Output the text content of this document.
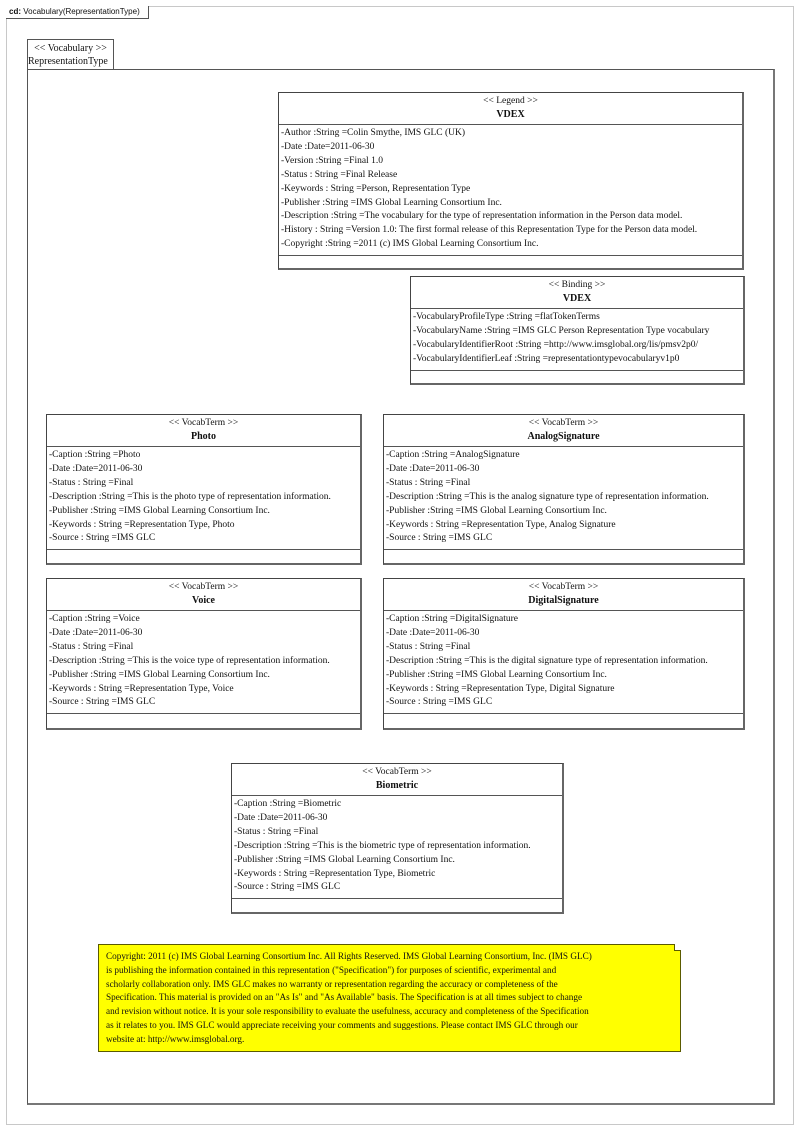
cd: Vocabulary(RepresentationType)
<< Vocabulary >>
RepresentationType
<< Legend >>
VDEX
-Author :String =Colin Smythe, IMS GLC (UK)
-Date :Date=2011-06-30
-Version :String =Final 1.0
-Status : String =Final Release
-Keywords : String =Person, Representation Type
-Publisher :String =IMS Global Learning Consortium Inc.
-Description :String =The vocabulary for the type of representation information in the Person data model.
-History : String =Version 1.0: The first formal release of this Representation Type for the Person data model.
-Copyright :String =2011 (c) IMS Global Learning Consortium Inc.
<< Binding >>
VDEX
-VocabularyProfileType :String =flatTokenTerms
-VocabularyName :String =IMS GLC Person Representation Type vocabulary
-VocabularyIdentifierRoot :String =http://www.imsglobal.org/lis/pmsv2p0/
-VocabularyIdentifierLeaf :String =representationtypevocabularyv1p0
<< VocabTerm >>
Photo
-Caption :String =Photo
-Date :Date=2011-06-30
-Status : String =Final
-Description :String =This is the photo type of representation information.
-Publisher :String =IMS Global Learning Consortium Inc.
-Keywords : String =Representation Type, Photo
-Source : String =IMS GLC
<< VocabTerm >>
AnalogSignature
-Caption :String =AnalogSignature
-Date :Date=2011-06-30
-Status : String =Final
-Description :String =This is the analog signature type of representation information.
-Publisher :String =IMS Global Learning Consortium Inc.
-Keywords : String =Representation Type, Analog Signature
-Source : String =IMS GLC
<< VocabTerm >>
Voice
-Caption :String =Voice
-Date :Date=2011-06-30
-Status : String =Final
-Description :String =This is the voice type of representation information.
-Publisher :String =IMS Global Learning Consortium Inc.
-Keywords : String =Representation Type, Voice
-Source : String =IMS GLC
<< VocabTerm >>
DigitalSignature
-Caption :String =DigitalSignature
-Date :Date=2011-06-30
-Status : String =Final
-Description :String =This is the digital signature type of representation information.
-Publisher :String =IMS Global Learning Consortium Inc.
-Keywords : String =Representation Type, Digital Signature
-Source : String =IMS GLC
<< VocabTerm >>
Biometric
-Caption :String =Biometric
-Date :Date=2011-06-30
-Status : String =Final
-Description :String =This is the biometric type of representation information.
-Publisher :String =IMS Global Learning Consortium Inc.
-Keywords : String =Representation Type, Biometric
-Source : String =IMS GLC
Copyright: 2011 (c) IMS Global Learning Consortium Inc. All Rights Reserved. IMS Global Learning Consortium, Inc. (IMS GLC)
is publishing the information contained in this representation ("Specification") for purposes of scientific, experimental and
scholarly collaboration only. IMS GLC makes no warranty or representation regarding the accuracy or completeness of the
Specification. This material is provided on an "As Is" and "As Available" basis. The Specification is at all times subject to change
and revision without notice. It is your sole responsibility to evaluate the usefulness, accuracy and completeness of the Specification
as it relates to you. IMS GLC would appreciate receiving your comments and suggestions. Please contact IMS GLC through our
website at: http://www.imsglobal.org.
